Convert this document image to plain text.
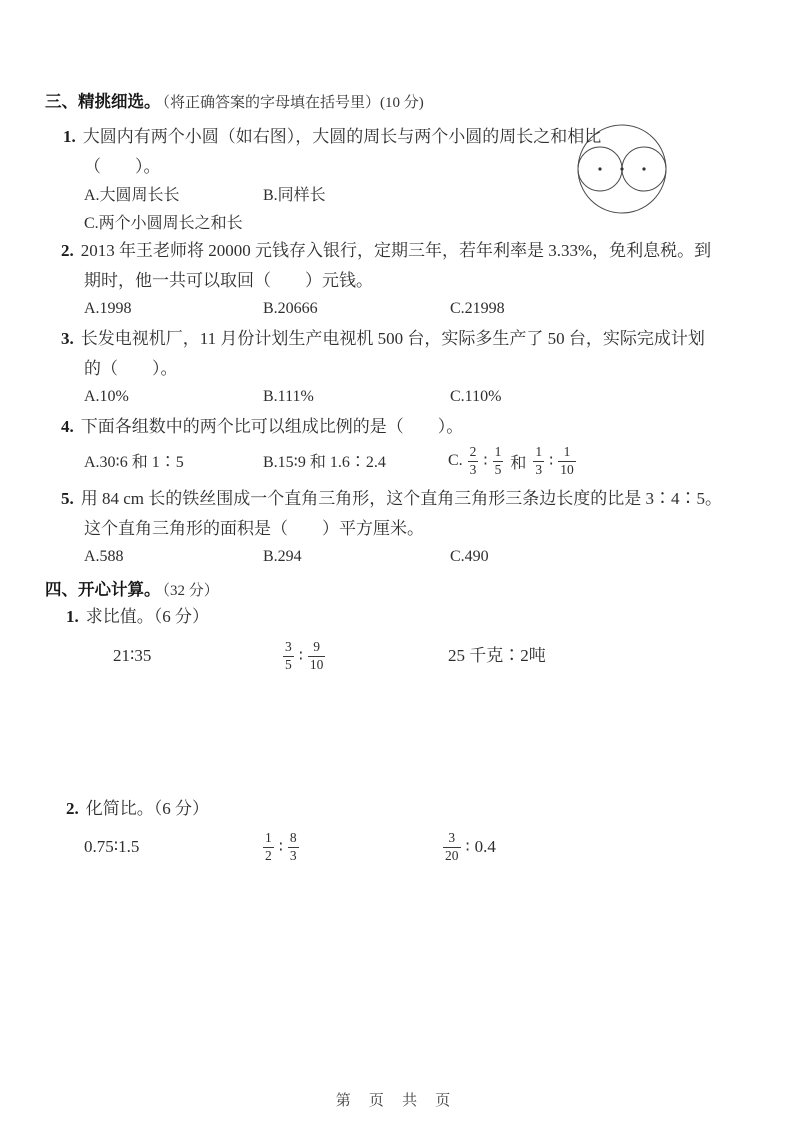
三、精挑细选。 （将正确答案的字母填在括号里）(10 分)
1. 大圆内有两个小圆（如右图），大圆的周长与两个小圆的周长之和相比
（　　）。
A.大圆周长长	B.同样长
C.两个小圆周长之和长
2. 2013 年王老师将 20000 元钱存入银行，定期三年，若年利率是 3.33%，免利息税。到
期时，他一共可以取回（　　）元钱。
A.1998	B.20666	C.21998
3. 长发电视机厂，11 月份计划生产电视机 500 台，实际多生产了 50 台，实际完成计划
的（　　）。
A.10%	B.111%	C.110%
4. 下面各组数中的两个比可以组成比例的是（　　）。
A.30∶6 和 1∶5	B.15∶9 和 1.6∶2.4	C. $\frac{2}{3}$ ∶ $\frac{1}{5}$ 和 $\frac{1}{3}$ ∶ $\frac{1}{10}$
5. 用 84 cm 长的铁丝围成一个直角三角形，这个直角三角形三条边长度的比是 3∶4∶5。
这个直角三角形的面积是（　　）平方厘米。
A.588	B.294	C.490
四、开心计算。 （32 分）
1. 求比值。（6 分）
21∶35	$\frac{3}{5}$ ∶ $\frac{9}{10}$	25 千克∶2吨
2. 化简比。（6 分）
0.75∶1.5	$\frac{1}{2}$ ∶ $\frac{8}{3}$	$\frac{3}{20}$ ∶ 0.4
第 页 共 页
